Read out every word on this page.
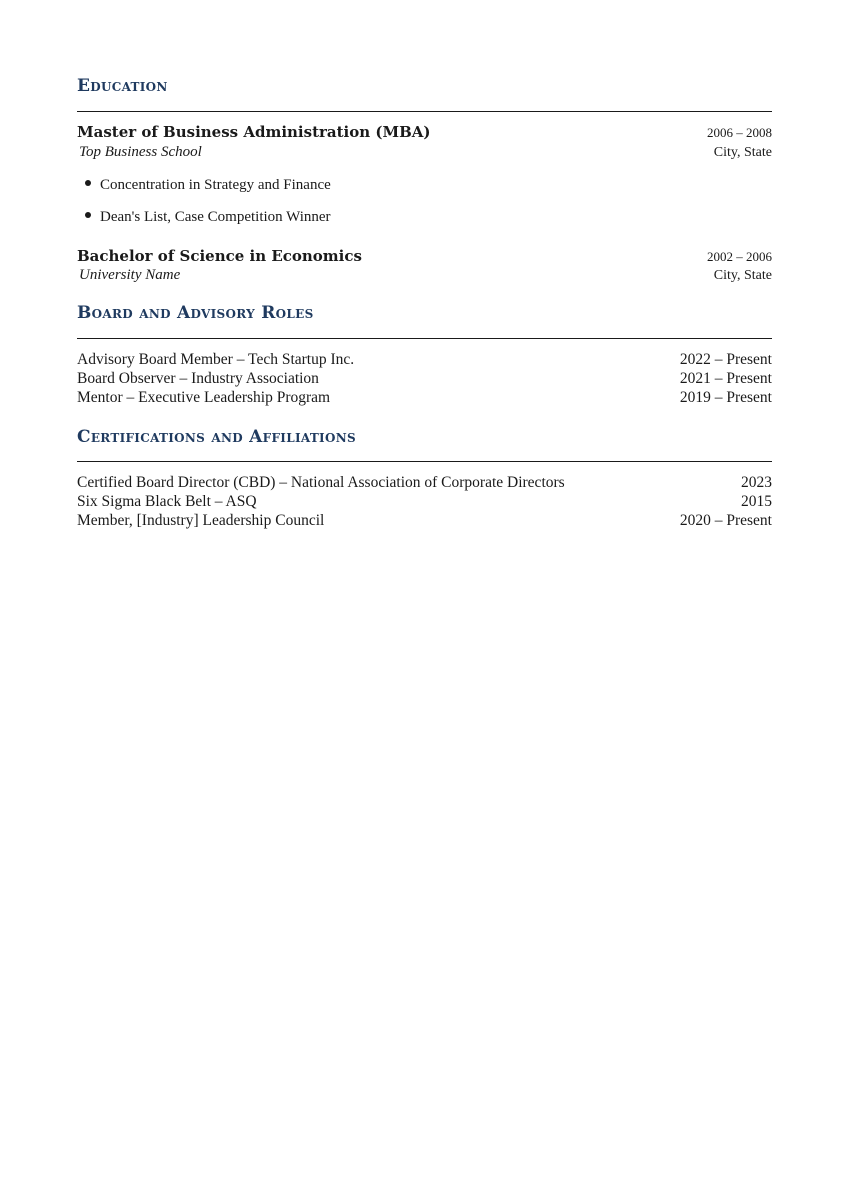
Education
Master of Business Administration (MBA)	2006 – 2008
Top Business School	City, State
Concentration in Strategy and Finance
Dean's List, Case Competition Winner
Bachelor of Science in Economics	2002 – 2006
University Name	City, State
Board and Advisory Roles
Advisory Board Member – Tech Startup Inc.	2022 – Present
Board Observer – Industry Association	2021 – Present
Mentor – Executive Leadership Program	2019 – Present
Certifications and Affiliations
Certified Board Director (CBD) – National Association of Corporate Directors	2023
Six Sigma Black Belt – ASQ	2015
Member, [Industry] Leadership Council	2020 – Present
